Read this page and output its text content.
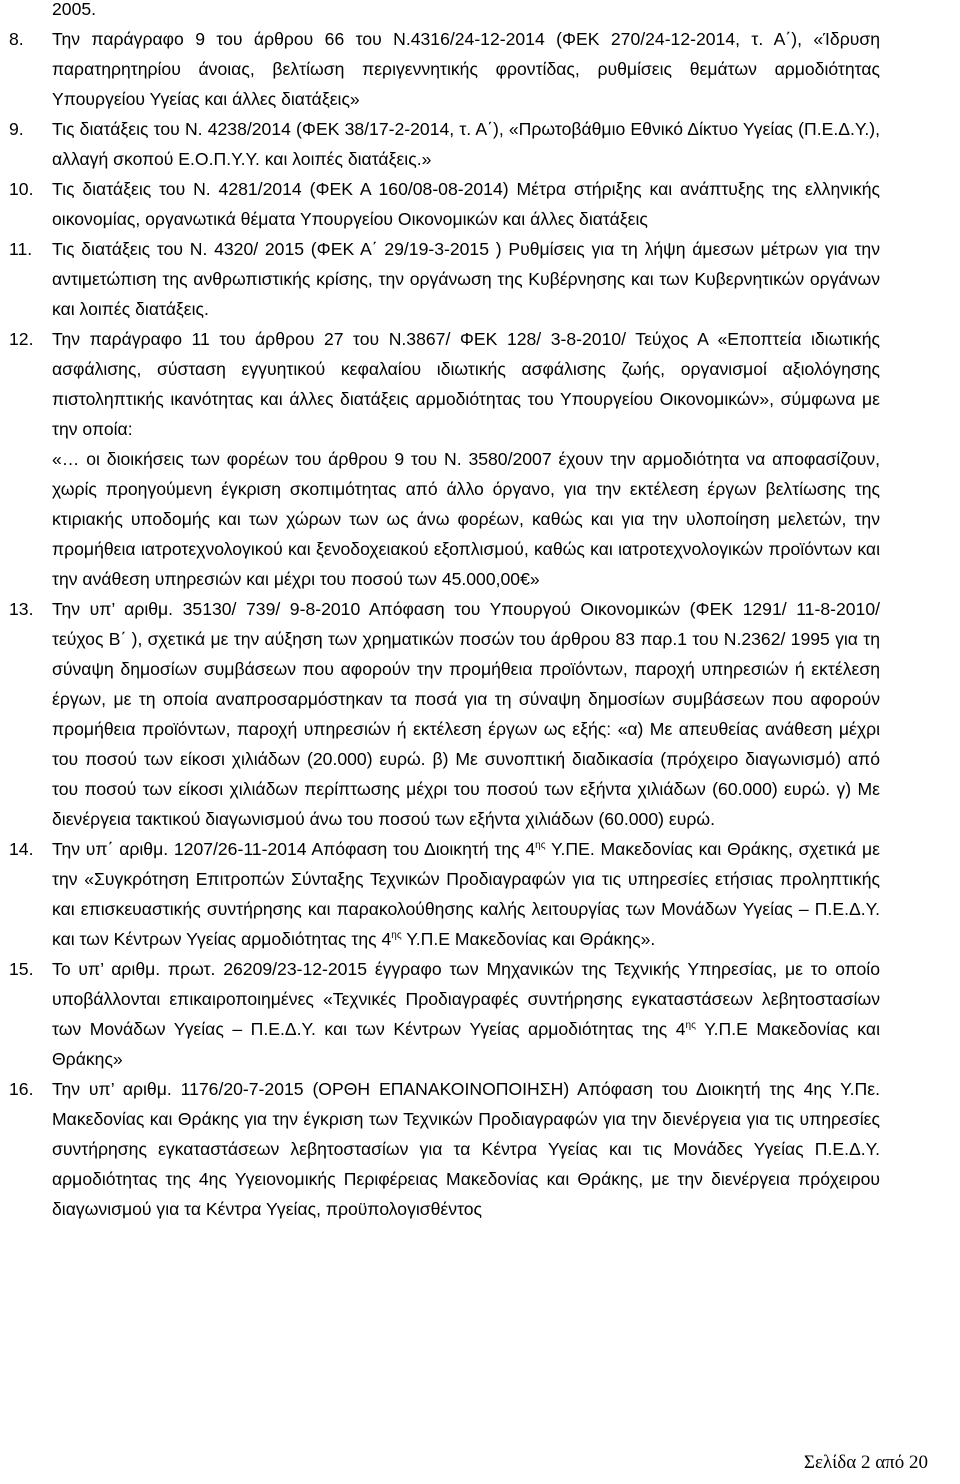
2005.
8.	Την παράγραφο 9 του άρθρου 66 του Ν.4316/24-12-2014 (ΦΕΚ 270/24-12-2014, τ. Α΄), «Ίδρυση παρατηρητηρίου άνοιας, βελτίωση περιγεννητικής φροντίδας, ρυθμίσεις θεμάτων αρμοδιότητας Υπουργείου Υγείας και άλλες διατάξεις»
9.	Τις διατάξεις του Ν. 4238/2014 (ΦΕΚ 38/17-2-2014, τ. Α΄), «Πρωτοβάθμιο Εθνικό Δίκτυο Υγείας (Π.Ε.Δ.Υ.), αλλαγή σκοπού Ε.Ο.Π.Υ.Υ. και λοιπές διατάξεις.»
10.	Τις διατάξεις του Ν. 4281/2014 (ΦΕΚ Α 160/08-08-2014) Μέτρα στήριξης και ανάπτυξης της ελληνικής οικονομίας, οργανωτικά θέματα Υπουργείου Οικονομικών και άλλες διατάξεις
11.	Τις διατάξεις του Ν. 4320/ 2015 (ΦΕΚ Α΄ 29/19-3-2015 ) Ρυθμίσεις για τη λήψη άμεσων μέτρων για την αντιμετώπιση της ανθρωπιστικής κρίσης, την οργάνωση της Κυβέρνησης και των Κυβερνητικών οργάνων και λοιπές διατάξεις.
12.	Την παράγραφο 11 του άρθρου 27 του Ν.3867/ ΦΕΚ 128/ 3-8-2010/ Τεύχος Α «Εποπτεία ιδιωτικής ασφάλισης, σύσταση εγγυητικού κεφαλαίου ιδιωτικής ασφάλισης ζωής, οργανισμοί αξιολόγησης πιστοληπτικής ικανότητας και άλλες διατάξεις αρμοδιότητας του Υπουργείου Οικονομικών», σύμφωνα με την οποία:
«… οι διοικήσεις των φορέων του άρθρου 9 του Ν. 3580/2007 έχουν την αρμοδιότητα να αποφασίζουν, χωρίς προηγούμενη έγκριση σκοπιμότητας από άλλο όργανο, για την εκτέλεση έργων βελτίωσης της κτιριακής υποδομής και των χώρων των ως άνω φορέων, καθώς και για την υλοποίηση μελετών, την προμήθεια ιατροτεχνολογικού και ξενοδοχειακού εξοπλισμού, καθώς και ιατροτεχνολογικών προϊόντων και την ανάθεση υπηρεσιών και μέχρι του ποσού των 45.000,00€»
13.	Την υπ’ αριθμ. 35130/ 739/ 9-8-2010 Απόφαση του Υπουργού Οικονομικών (ΦΕΚ 1291/ 11-8-2010/ τεύχος Β΄ ), σχετικά με την αύξηση των χρηματικών ποσών του άρθρου 83 παρ.1 του Ν.2362/ 1995 για τη σύναψη δημοσίων συμβάσεων που αφορούν την προμήθεια προϊόντων, παροχή υπηρεσιών ή εκτέλεση έργων, με τη οποία αναπροσαρμόστηκαν τα ποσά για τη σύναψη δημοσίων συμβάσεων που αφορούν προμήθεια προϊόντων, παροχή υπηρεσιών ή εκτέλεση έργων ως εξής: «α) Με απευθείας ανάθεση μέχρι του ποσού των είκοσι χιλιάδων (20.000) ευρώ. β) Με συνοπτική διαδικασία (πρόχειρο διαγωνισμό) από του ποσού των είκοσι χιλιάδων περίπτωσης μέχρι του ποσού των εξήντα χιλιάδων (60.000) ευρώ. γ) Με διενέργεια τακτικού διαγωνισμού άνω του ποσού των εξήντα χιλιάδων (60.000) ευρώ.
14.	Την υπ΄ αριθμ. 1207/26-11-2014 Απόφαση του Διοικητή της $4^{\eta\varsigma}$ Υ.ΠΕ. Μακεδονίας και Θράκης, σχετικά με την «Συγκρότηση Επιτροπών Σύνταξης Τεχνικών Προδιαγραφών για τις υπηρεσίες ετήσιας προληπτικής και επισκευαστικής συντήρησης και παρακολούθησης καλής λειτουργίας των Μονάδων Υγείας – Π.Ε.Δ.Υ. και των Κέντρων Υγείας αρμοδιότητας της $4^{\eta\varsigma}$ Υ.Π.Ε Μακεδονίας και Θράκης».
15.	Το υπ’ αριθμ. πρωτ. 26209/23-12-2015 έγγραφο των Μηχανικών της Τεχνικής Υπηρεσίας, με το οποίο υποβάλλονται επικαιροποιημένες «Τεχνικές Προδιαγραφές συντήρησης εγκαταστάσεων λεβητοστασίων των Μονάδων Υγείας – Π.Ε.Δ.Υ. και των Κέντρων Υγείας αρμοδιότητας της $4^{\eta\varsigma}$ Υ.Π.Ε Μακεδονίας και Θράκης»
16.	Την υπ’ αριθμ. 1176/20-7-2015 (ΟΡΘΗ ΕΠΑΝΑΚΟΙΝΟΠΟΙΗΣΗ) Απόφαση του Διοικητή της 4ης Υ.Πε. Μακεδονίας και Θράκης για την έγκριση των Τεχνικών Προδιαγραφών για την διενέργεια για τις υπηρεσίες συντήρησης εγκαταστάσεων λεβητοστασίων για τα Κέντρα Υγείας και τις Μονάδες Υγείας Π.Ε.Δ.Υ. αρμοδιότητας της 4ης Υγειονομικής Περιφέρειας Μακεδονίας και Θράκης, με την διενέργεια πρόχειρου διαγωνισμού για τα Κέντρα Υγείας, προϋπολογισθέντος
Σελίδα 2 από 20
